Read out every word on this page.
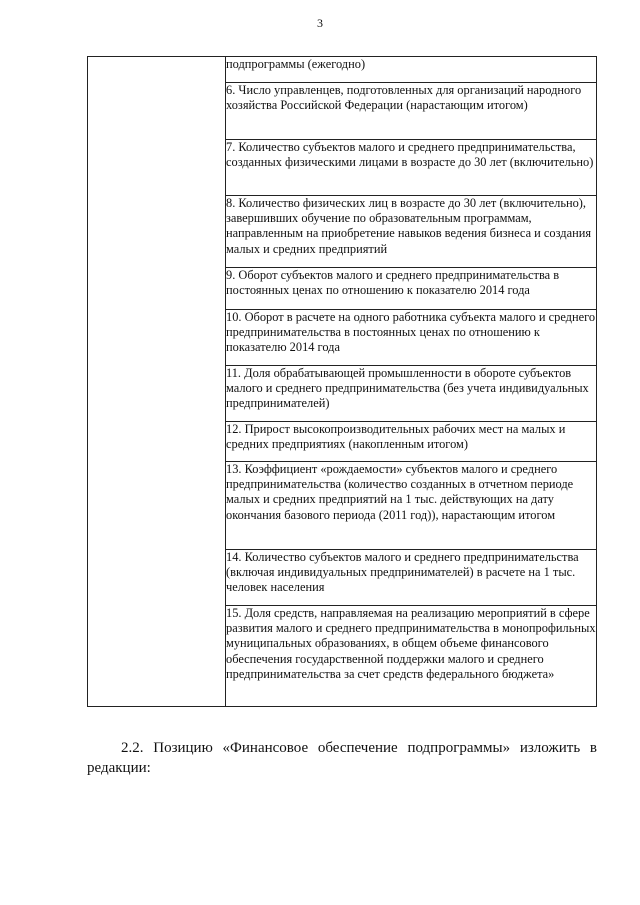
3
	подпрограммы (ежегодно)
6. Число управленцев, подготовленных для организаций народного хозяйства Российской Федерации (нарастающим итогом)
7. Количество субъектов малого и среднего предпринимательства, созданных физическими лицами в возрасте до 30 лет (включительно)
8. Количество физических лиц в возрасте до 30 лет (включительно), завершивших обучение по образовательным программам, направленным на приобретение навыков ведения бизнеса и создания малых и средних предприятий
9. Оборот субъектов малого и среднего предпринимательства в постоянных ценах по отношению к показателю 2014 года
10. Оборот в расчете на одного работника субъекта малого и среднего предпринимательства в постоянных ценах по отношению к показателю 2014 года
11. Доля обрабатывающей промышленности в обороте субъектов малого и среднего предпринимательства (без учета индивидуальных предпринимателей)
12. Прирост высокопроизводительных рабочих мест на малых и средних предприятиях (накопленным итогом)
13. Коэффициент «рождаемости» субъектов малого и среднего предпринимательства (количество созданных в отчетном периоде малых и средних предприятий на 1 тыс. действующих на дату окончания базового периода (2011 год)), нарастающим итогом
14. Количество субъектов малого и среднего предпринимательства (включая индивидуальных предпринимателей) в расчете на 1 тыс. человек населения
15. Доля средств, направляемая на реализацию мероприятий в сфере развития малого и среднего предпринимательства в монопрофильных муниципальных образованиях, в общем объеме финансового обеспечения государственной поддержки малого и среднего предпринимательства за счет средств федерального бюджета»

2.2. Позицию «Финансовое обеспечение подпрограммы» изложить в редакции:
